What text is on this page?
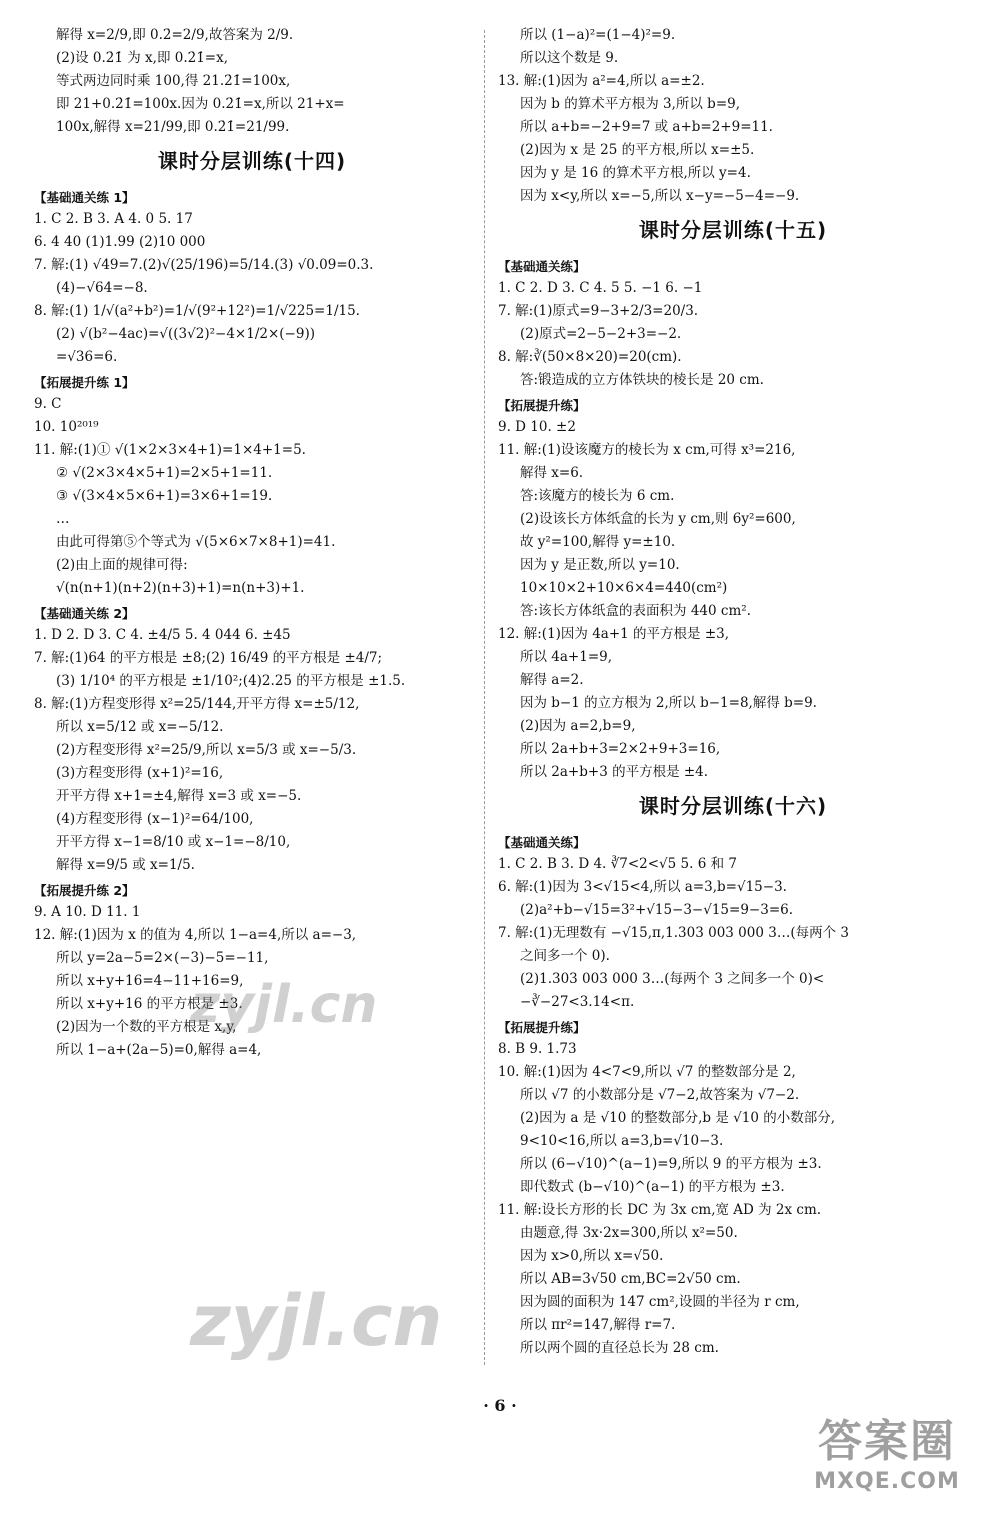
解得 x=2/9,即 0.2̇=2/9,故答案为 2/9.
(2)设 0.2̇1̇ 为 x,即 0.2̇1̇=x,
等式两边同时乘 100,得 21.2̇1̇=100x,
即 21+0.2̇1̇=100x.因为 0.2̇1̇=x,所以 21+x=
100x,解得 x=21/99,即 0.2̇1̇=21/99.
课时分层训练(十四)
【基础通关练 1】
1. C 2. B 3. A 4. 0 5. 17
6. 4 40 (1)1.99 (2)10 000
7. 解:(1) √49=7.(2)√(25/196)=5/14.(3) √0.09=0.3.
(4)−√64=−8.
8. 解:(1) 1/√(a²+b²)=1/√(9²+12²)=1/√225=1/15.
(2) √(b²−4ac)=√((3√2)²−4×1/2×(−9))
=√36=6.
【拓展提升练 1】
9. C
10. 10²⁰¹⁹
11. 解:(1)① √(1×2×3×4+1)=1×4+1=5.
② √(2×3×4×5+1)=2×5+1=11.
③ √(3×4×5×6+1)=3×6+1=19.
…
由此可得第⑤个等式为 √(5×6×7×8+1)=41.
(2)由上面的规律可得:
√(n(n+1)(n+2)(n+3)+1)=n(n+3)+1.
【基础通关练 2】
1. D 2. D 3. C 4. ±4/5 5. 4 044 6. ±45
7. 解:(1)64 的平方根是 ±8;(2) 16/49 的平方根是 ±4/7;
(3) 1/10⁴ 的平方根是 ±1/10²;(4)2.25 的平方根是 ±1.5.
8. 解:(1)方程变形得 x²=25/144,开平方得 x=±5/12,
所以 x=5/12 或 x=−5/12.
(2)方程变形得 x²=25/9,所以 x=5/3 或 x=−5/3.
(3)方程变形得 (x+1)²=16,
开平方得 x+1=±4,解得 x=3 或 x=−5.
(4)方程变形得 (x−1)²=64/100,
开平方得 x−1=8/10 或 x−1=−8/10,
解得 x=9/5 或 x=1/5.
【拓展提升练 2】
9. A 10. D 11. 1
12. 解:(1)因为 x 的值为 4,所以 1−a=4,所以 a=−3,
所以 y=2a−5=2×(−3)−5=−11,
所以 x+y+16=4−11+16=9,
所以 x+y+16 的平方根是 ±3.
(2)因为一个数的平方根是 x,y,
所以 1−a+(2a−5)=0,解得 a=4,
所以 (1−a)²=(1−4)²=9.
所以这个数是 9.
13. 解:(1)因为 a²=4,所以 a=±2.
因为 b 的算术平方根为 3,所以 b=9,
所以 a+b=−2+9=7 或 a+b=2+9=11.
(2)因为 x 是 25 的平方根,所以 x=±5.
因为 y 是 16 的算术平方根,所以 y=4.
因为 x<y,所以 x=−5,所以 x−y=−5−4=−9.
课时分层训练(十五)
【基础通关练】
1. C 2. D 3. C 4. 5 5. −1 6. −1
7. 解:(1)原式=9−3+2/3=20/3.
(2)原式=2−5−2+3=−2.
8. 解:∛(50×8×20)=20(cm).
答:锻造成的立方体铁块的棱长是 20 cm.
【拓展提升练】
9. D 10. ±2
11. 解:(1)设该魔方的棱长为 x cm,可得 x³=216,
解得 x=6.
答:该魔方的棱长为 6 cm.
(2)设该长方体纸盒的长为 y cm,则 6y²=600,
故 y²=100,解得 y=±10.
因为 y 是正数,所以 y=10.
10×10×2+10×6×4=440(cm²)
答:该长方体纸盒的表面积为 440 cm².
12. 解:(1)因为 4a+1 的平方根是 ±3,
所以 4a+1=9,
解得 a=2.
因为 b−1 的立方根为 2,所以 b−1=8,解得 b=9.
(2)因为 a=2,b=9,
所以 2a+b+3=2×2+9+3=16,
所以 2a+b+3 的平方根是 ±4.
课时分层训练(十六)
【基础通关练】
1. C 2. B 3. D 4. ∛7<2<√5 5. 6 和 7
6. 解:(1)因为 3<√15<4,所以 a=3,b=√15−3.
(2)a²+b−√15=3²+√15−3−√15=9−3=6.
7. 解:(1)无理数有 −√15,π,1.303 003 000 3…(每两个 3
之间多一个 0).
(2)1.303 003 000 3…(每两个 3 之间多一个 0)<
−∛−27<3.14<π.
【拓展提升练】
8. B 9. 1.73
10. 解:(1)因为 4<7<9,所以 √7 的整数部分是 2,
所以 √7 的小数部分是 √7−2,故答案为 √7−2.
(2)因为 a 是 √10 的整数部分,b 是 √10 的小数部分,
9<10<16,所以 a=3,b=√10−3.
所以 (6−√10)^(a−1)=9,所以 9 的平方根为 ±3.
即代数式 (b−√10)^(a−1) 的平方根为 ±3.
11. 解:设长方形的长 DC 为 3x cm,宽 AD 为 2x cm.
由题意,得 3x·2x=300,所以 x²=50.
因为 x>0,所以 x=√50.
所以 AB=3√50 cm,BC=2√50 cm.
因为圆的面积为 147 cm²,设圆的半径为 r cm,
所以 πr²=147,解得 r=7.
所以两个圆的直径总长为 28 cm.
· 6 ·
zyjl.cn
zyjl.cn
答案圈
MXQE.COM
